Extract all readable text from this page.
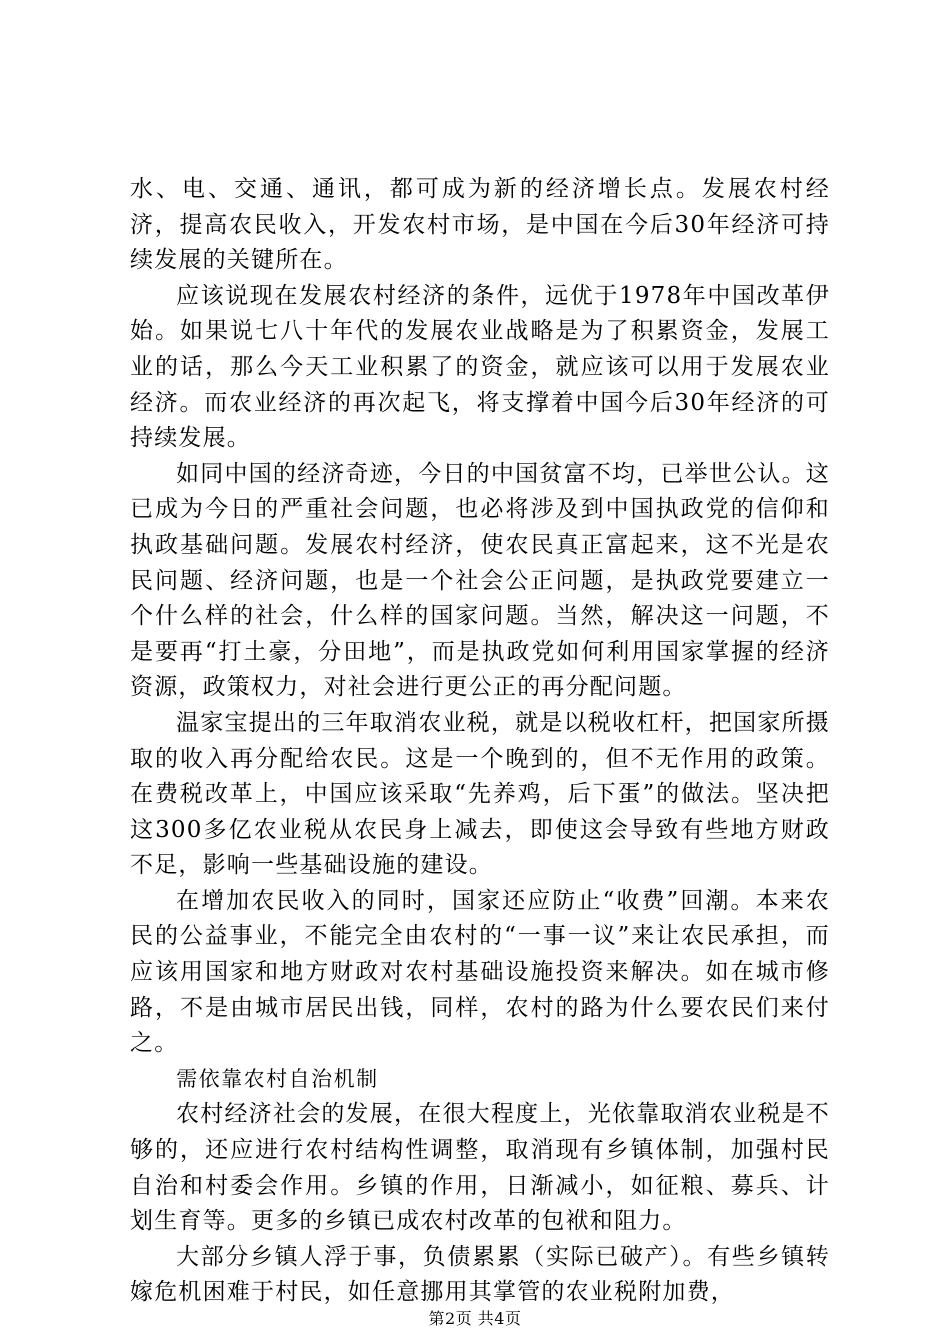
水、电、交通、通讯，都可成为新的经济增长点。发展农村经济，提高农民收入，开发农村市场，是中国在今后30年经济可持续发展的关键所在。

应该说现在发展农村经济的条件，远优于1978年中国改革伊始。如果说七八十年代的发展农业战略是为了积累资金，发展工业的话，那么今天工业积累了的资金，就应该可以用于发展农业经济。而农业经济的再次起飞，将支撑着中国今后30年经济的可持续发展。

如同中国的经济奇迹，今日的中国贫富不均，已举世公认。这已成为今日的严重社会问题，也必将涉及到中国执政党的信仰和执政基础问题。发展农村经济，使农民真正富起来，这不光是农民问题、经济问题，也是一个社会公正问题，是执政党要建立一个什么样的社会，什么样的国家问题。当然，解决这一问题，不是要再“打土豪，分田地”，而是执政党如何利用国家掌握的经济资源，政策权力，对社会进行更公正的再分配问题。

温家宝提出的三年取消农业税，就是以税收杠杆，把国家所摄取的收入再分配给农民。这是一个晚到的，但不无作用的政策。在费税改革上，中国应该采取“先养鸡，后下蛋”的做法。坚决把这300多亿农业税从农民身上减去，即使这会导致有些地方财政不足，影响一些基础设施的建设。

在增加农民收入的同时，国家还应防止“收费”回潮。本来农民的公益事业，不能完全由农村的“一事一议”来让农民承担，而应该用国家和地方财政对农村基础设施投资来解决。如在城市修路，不是由城市居民出钱，同样，农村的路为什么要农民们来付之。

需依靠农村自治机制

农村经济社会的发展，在很大程度上，光依靠取消农业税是不够的，还应进行农村结构性调整，取消现有乡镇体制，加强村民自治和村委会作用。乡镇的作用，日渐减小，如征粮、募兵、计划生育等。更多的乡镇已成农村改革的包袱和阻力。

大部分乡镇人浮于事，负债累累（实际已破产）。有些乡镇转嫁危机困难于村民，如任意挪用其掌管的农业税附加费，

第2页 共4页
